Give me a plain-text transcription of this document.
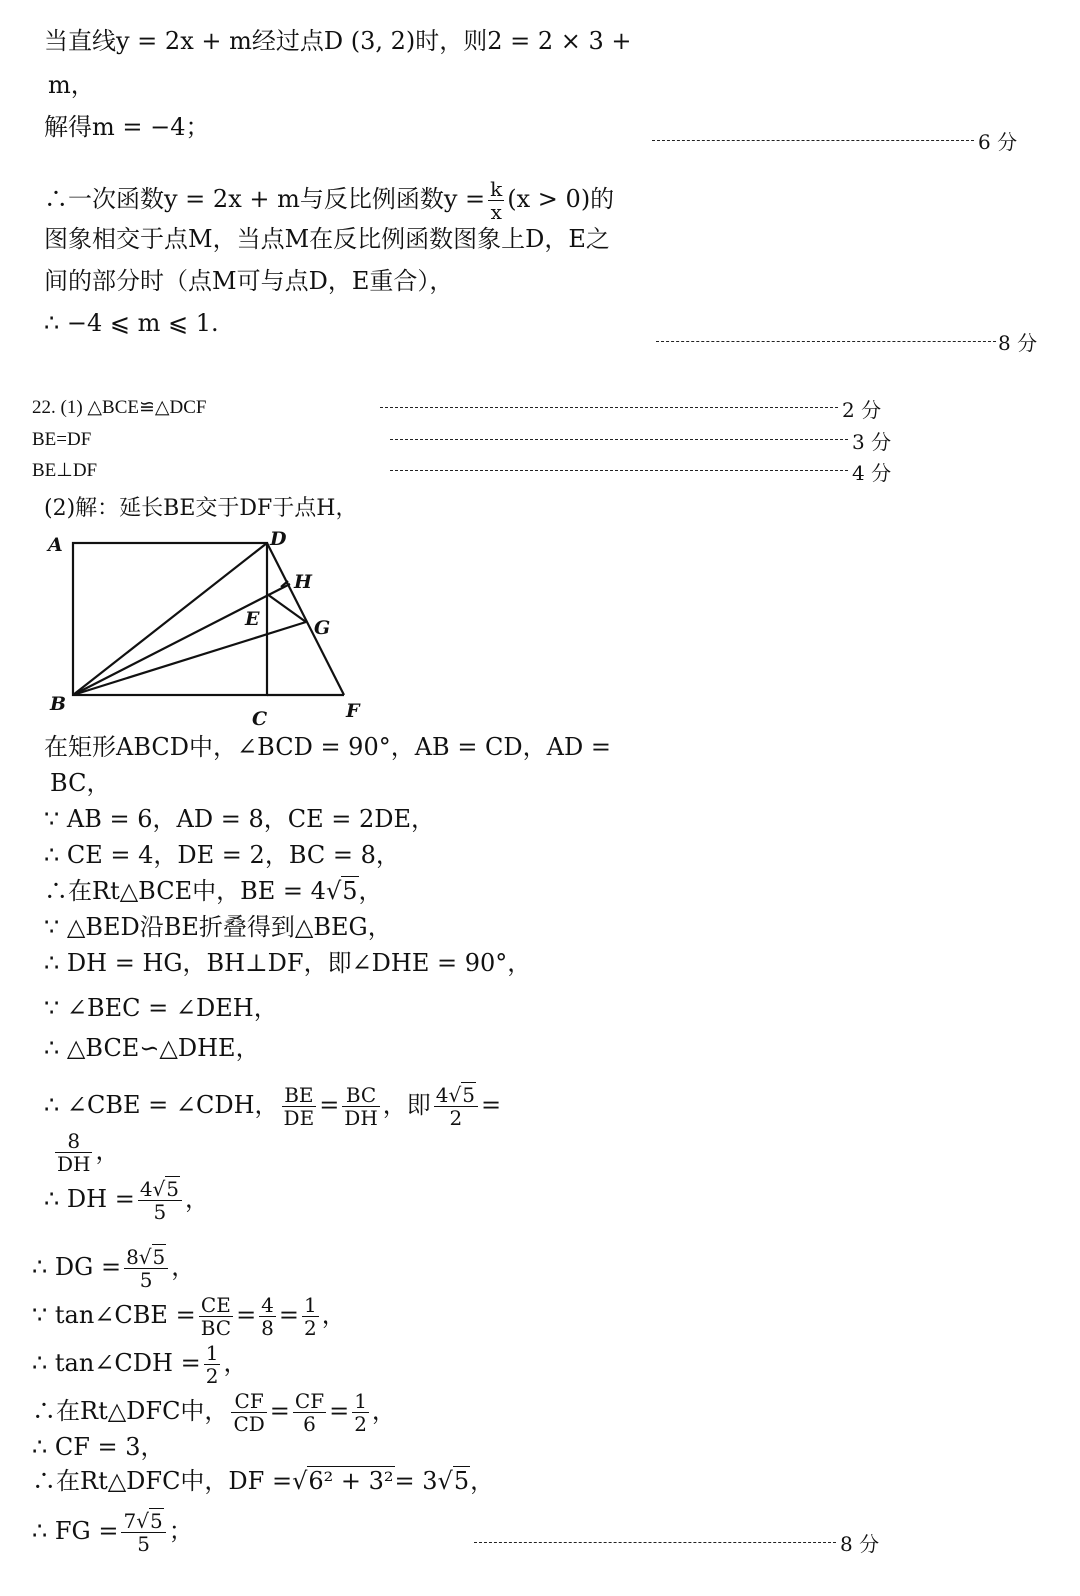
当直线y = 2x + m经过点D (3, 2)时，则2 = 2 × 3 +
m，
解得m = −4；
6 分
∴一次函数y = 2x + m与反比例函数$y = \frac{k}{x} (x > 0)$的
图象相交于点M，当点M在反比例函数图象上D，E之
间的部分时（点M可与点D，E重合），
∴ −4 ⩽ m ⩽ 1.
8 分
22. (1) △BCE≌△DCF	2 分
BE=DF	3 分
BE⊥DF	4 分
(2)解：延长BE交于DF于点H，
A
B
C
D
E
F
G
H
在矩形ABCD中，∠BCD = 90°，AB = CD，AD =
BC，
∵ AB = 6，AD = 8，CE = 2DE，
∴ CE = 4，DE = 2，BC = 8，
∴在Rt△BCE中，BE = 4√5，
∵ △BED沿BE折叠得到△BEG，
∴ DH = HG，BH⊥DF，即∠DHE = 90°，
∵ ∠BEC = ∠DEH，
∴ △BCE∽△DHE，
∴ ∠CBE = ∠CDH， $\frac{BE}{DE} = \frac{BC}{DH}$ ，即 $\frac{4√5}{2}$ =
$\frac{8}{DH}$ ，
∴ DH = $\frac{4√5}{5}$ ，
∴ DG = $\frac{8√5}{5}$ ，
∵ tan∠CBE = $\frac{CE}{BC} = \frac{4}{8} = \frac{1}{2}$ ，
∴ tan∠CDH = $\frac{1}{2}$ ，
∴在Rt△DFC中， $\frac{CF}{CD} = \frac{CF}{6} = \frac{1}{2}$ ，
∴ CF = 3，
∴在Rt△DFC中，DF =√6² + 3²= 3√5，
∴ FG = $\frac{7√5}{5}$ ；	8 分
